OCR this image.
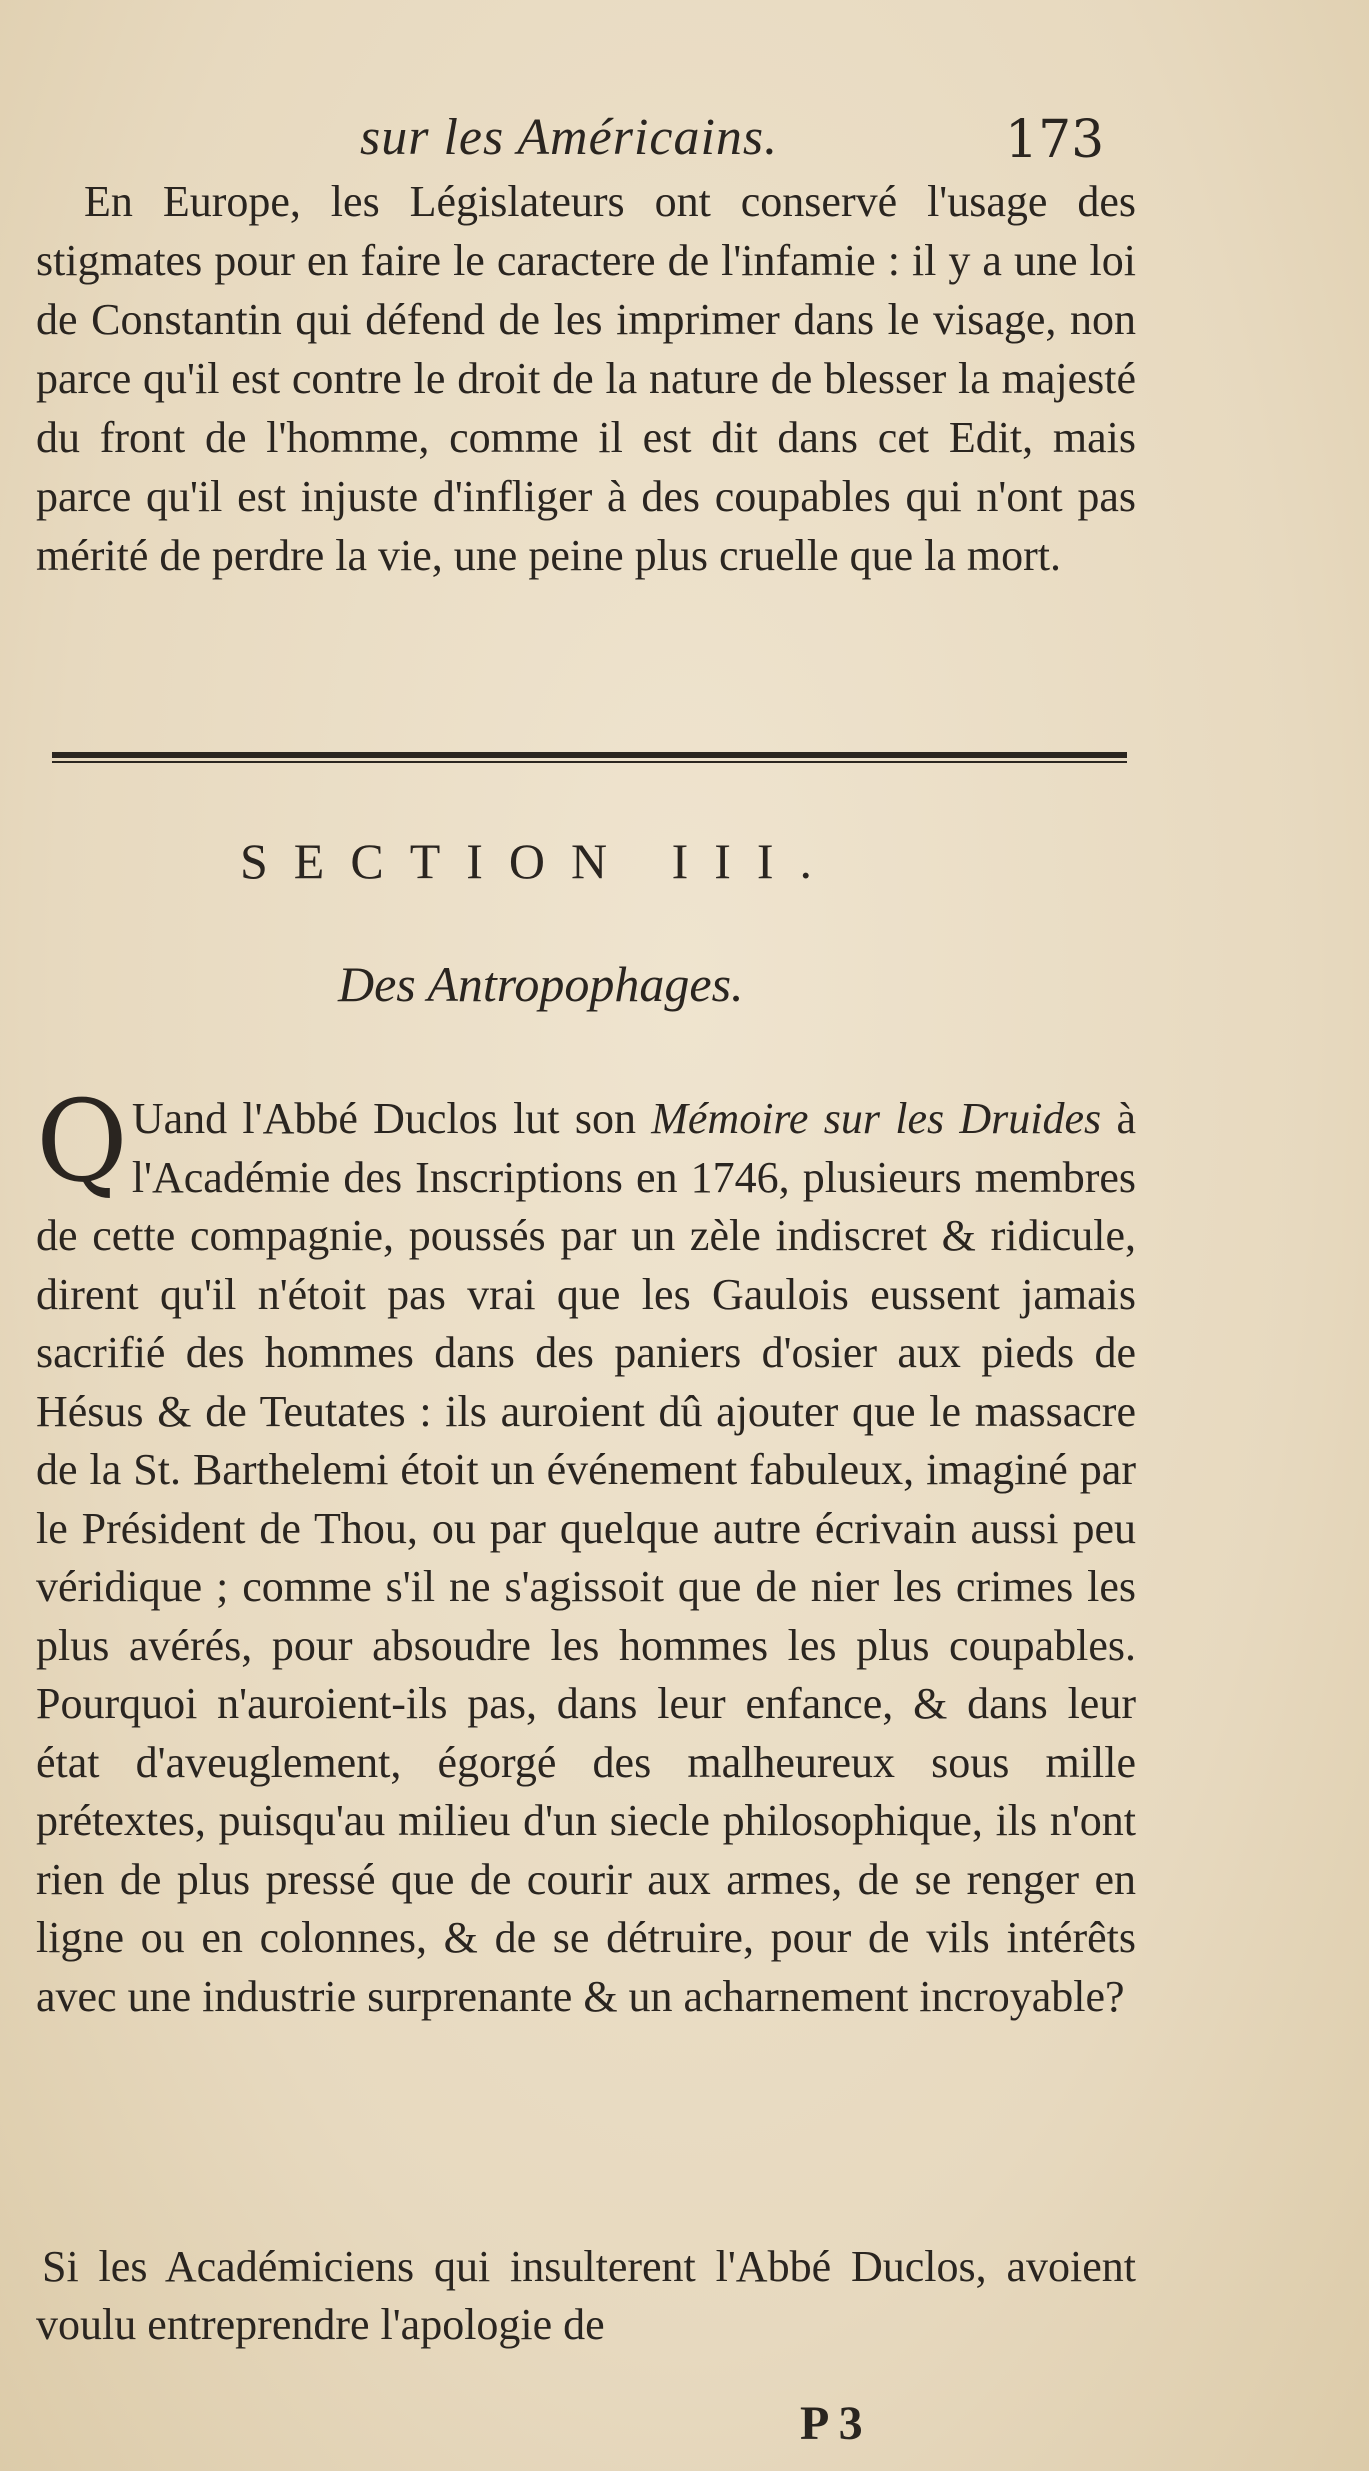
sur les Américains.	173

En Europe, les Législateurs ont conservé l'usage des stigmates pour en faire le caractere de l'infamie : il y a une loi de Constantin qui défend de les imprimer dans le visage, non parce qu'il est contre le droit de la nature de blesser la majesté du front de l'homme, comme il est dit dans cet Edit, mais parce qu'il est injuste d'infliger à des coupables qui n'ont pas mérité de perdre la vie, une peine plus cruelle que la mort.

SECTION III.
Des Antropophages.

Q Uand l'Abbé Duclos lut son Mémoire sur les Druides à l'Académie des Inscriptions en 1746, plusieurs membres de cette compagnie, poussés par un zèle indiscret & ridicule, dirent qu'il n'étoit pas vrai que les Gaulois eussent jamais sacrifié des hommes dans des paniers d'osier aux pieds de Hésus & de Teutates : ils auroient dû ajouter que le massacre de la St. Barthelemi étoit un événement fabuleux, imaginé par le Président de Thou, ou par quelque autre écrivain aussi peu véridique ; comme s'il ne s'agissoit que de nier les crimes les plus avérés, pour absoudre les hommes les plus coupables. Pourquoi n'auroient-ils pas, dans leur enfance, & dans leur état d'aveuglement, égorgé des malheureux sous mille prétextes, puisqu'au milieu d'un siecle philosophique, ils n'ont rien de plus pressé que de courir aux armes, de se renger en ligne ou en colonnes, & de se détruire, pour de vils intérêts avec une industrie surprenante & un acharnement incroyable?

Si les Académiciens qui insulterent l'Abbé Duclos, avoient voulu entreprendre l'apologie de

P 3
